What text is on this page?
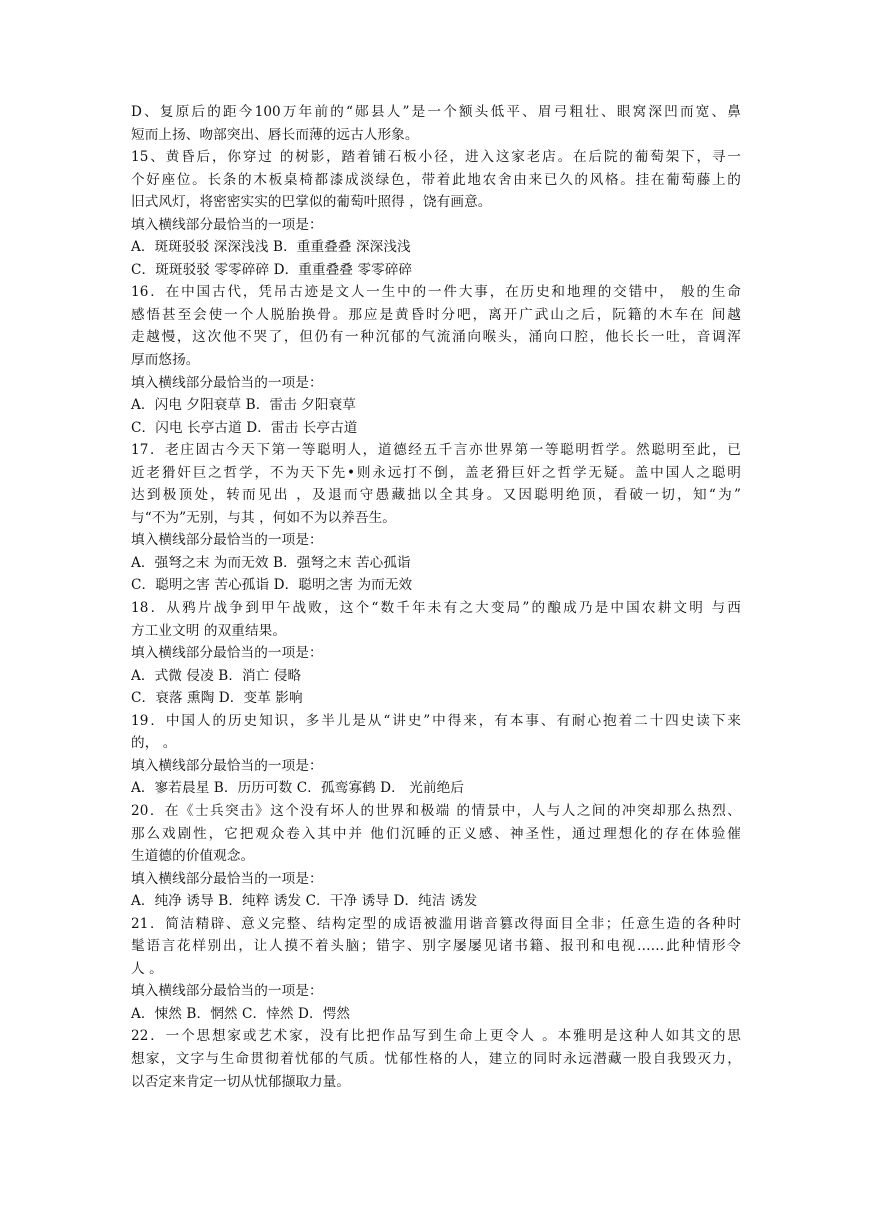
D、复原后的距今100万年前的“郧县人”是一个额头低平、眉弓粗壮、眼窝深凹而宽、鼻
短而上扬、吻部突出、唇长而薄的远古人形象。
15、黄昏后，你穿过 的树影，踏着铺石板小径，进入这家老店。在后院的葡萄架下，寻一
个好座位。长条的木板桌椅都漆成淡绿色，带着此地农舍由来已久的风格。挂在葡萄藤上的
旧式风灯，将密密实实的巴掌似的葡萄叶照得 ，饶有画意。
填入横线部分最恰当的一项是：
A．斑斑驳驳 深深浅浅 B．重重叠叠 深深浅浅
C．斑斑驳驳 零零碎碎 D．重重叠叠 零零碎碎
16．在中国古代，凭吊古迹是文人一生中的一件大事，在历史和地理的交错中， 般的生命
感悟甚至会使一个人脱胎换骨。那应是黄昏时分吧，离开广武山之后，阮籍的木车在 间越
走越慢，这次他不哭了，但仍有一种沉郁的气流涌向喉头，涌向口腔，他长长一吐，音调浑
厚而悠扬。
填入横线部分最恰当的一项是：
A．闪电 夕阳衰草 B．雷击 夕阳衰草
C．闪电 长亭古道 D．雷击 长亭古道
17．老庄固古今天下第一等聪明人，道德经五千言亦世界第一等聪明哲学。然聪明至此，已
近老猾奸巨之哲学，不为天下先•则永远打不倒，盖老猾巨奸之哲学无疑。盖中国人之聪明
达到极顶处，转而见出 ，及退而守愚藏拙以全其身。又因聪明绝顶，看破一切，知“为”
与“不为”无别，与其 ，何如不为以养吾生。
填入横线部分最恰当的一项是：
A．强弩之末 为而无效 B．强弩之末 苦心孤诣
C．聪明之害 苦心孤诣 D．聪明之害 为而无效
18．从鸦片战争到甲午战败，这个“数千年未有之大变局”的酿成乃是中国农耕文明 与西
方工业文明 的双重结果。
填入横线部分最恰当的一项是：
A．式微 侵凌 B．消亡 侵略
C．衰落 熏陶 D．变革 影响
19．中国人的历史知识，多半儿是从“讲史”中得来，有本事、有耐心抱着二十四史读下来
的， 。
填入横线部分最恰当的一项是：
A．寥若晨星 B．历历可数 C．孤鸾寡鹤 D． 光前绝后
20．在《士兵突击》这个没有坏人的世界和极端 的情景中，人与人之间的冲突却那么热烈、
那么戏剧性，它把观众卷入其中并 他们沉睡的正义感、神圣性，通过理想化的存在体验催
生道德的价值观念。
填入横线部分最恰当的一项是：
A．纯净 诱导 B．纯粹 诱发 C．干净 诱导 D．纯洁 诱发
21．简洁精辟、意义完整、结构定型的成语被滥用谐音篡改得面目全非；任意生造的各种时
髦语言花样别出，让人摸不着头脑；错字、别字屡屡见诸书籍、报刊和电视……此种情形令
人 。
填入横线部分最恰当的一项是：
A．悚然 B．惘然 C．悻然 D．愕然
22．一个思想家或艺术家，没有比把作品写到生命上更令人 。本雅明是这种人如其文的思
想家，文字与生命贯彻着忧郁的气质。忧郁性格的人，建立的同时永远潜藏一股自我毁灭力，
以否定来肯定一切从忧郁撷取力量。
